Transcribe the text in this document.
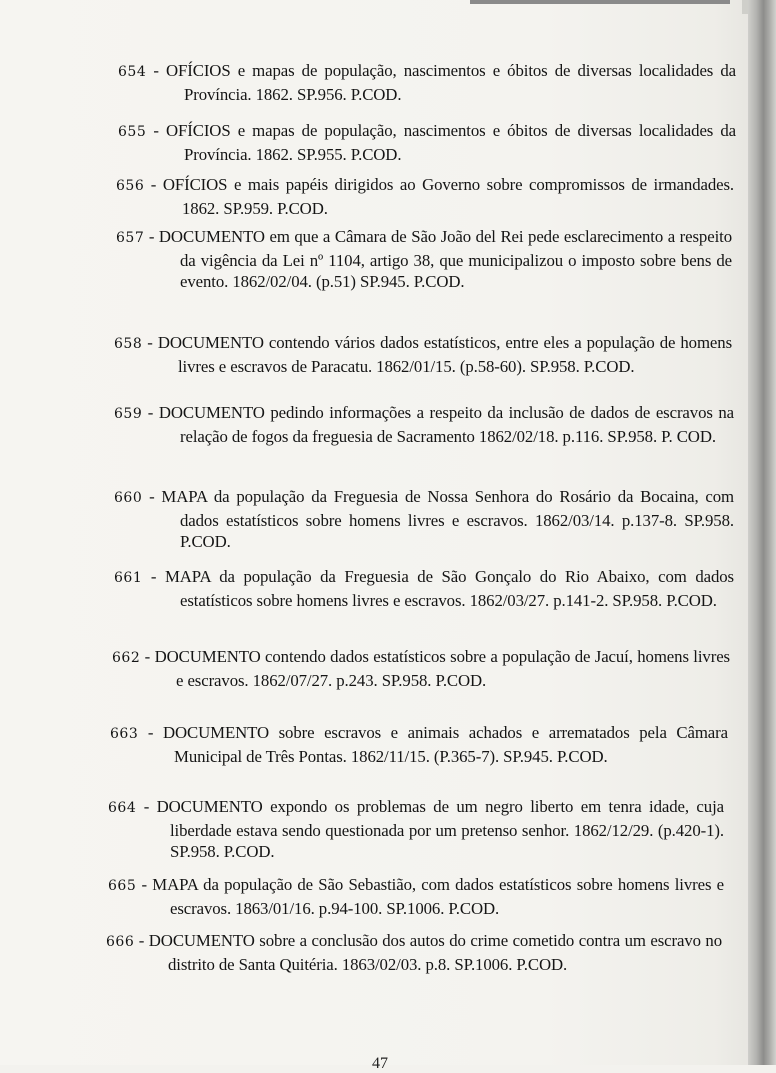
654 - OFÍCIOS e mapas de população, nascimentos e óbitos de diversas localidades da Província. 1862. SP.956. P.COD.

655 - OFÍCIOS e mapas de população, nascimentos e óbitos de diversas localidades da Província. 1862. SP.955. P.COD.

656 - OFÍCIOS e mais papéis dirigidos ao Governo sobre compromissos de irmandades. 1862. SP.959. P.COD.

657 - DOCUMENTO em que a Câmara de São João del Rei pede esclarecimento a respeito da vigência da Lei nº 1104, artigo 38, que municipalizou o imposto sobre bens de evento. 1862/02/04. (p.51) SP.945. P.COD.

658 - DOCUMENTO contendo vários dados estatísticos, entre eles a população de homens livres e escravos de Paracatu. 1862/01/15. (p.58-60). SP.958. P.COD.

659 - DOCUMENTO pedindo informações a respeito da inclusão de dados de escravos na relação de fogos da freguesia de Sacramento 1862/02/18. p.116. SP.958. P. COD.

660 - MAPA da população da Freguesia de Nossa Senhora do Rosário da Bocaina, com dados estatísticos sobre homens livres e escravos. 1862/03/14. p.137-8. SP.958. P.COD.

661 - MAPA da população da Freguesia de São Gonçalo do Rio Abaixo, com dados estatísticos sobre homens livres e escravos. 1862/03/27. p.141-2. SP.958. P.COD.

662 - DOCUMENTO contendo dados estatísticos sobre a população de Jacuí, homens livres e escravos. 1862/07/27. p.243. SP.958. P.COD.

663 - DOCUMENTO sobre escravos e animais achados e arrematados pela Câmara Municipal de Três Pontas. 1862/11/15. (P.365-7). SP.945. P.COD.

664 - DOCUMENTO expondo os problemas de um negro liberto em tenra idade, cuja liberdade estava sendo questionada por um pretenso senhor. 1862/12/29. (p.420-1). SP.958. P.COD.

665 - MAPA da população de São Sebastião, com dados estatísticos sobre homens livres e escravos. 1863/01/16. p.94-100. SP.1006. P.COD.

666 - DOCUMENTO sobre a conclusão dos autos do crime cometido contra um escravo no distrito de Santa Quitéria. 1863/02/03. p.8. SP.1006. P.COD.

47
